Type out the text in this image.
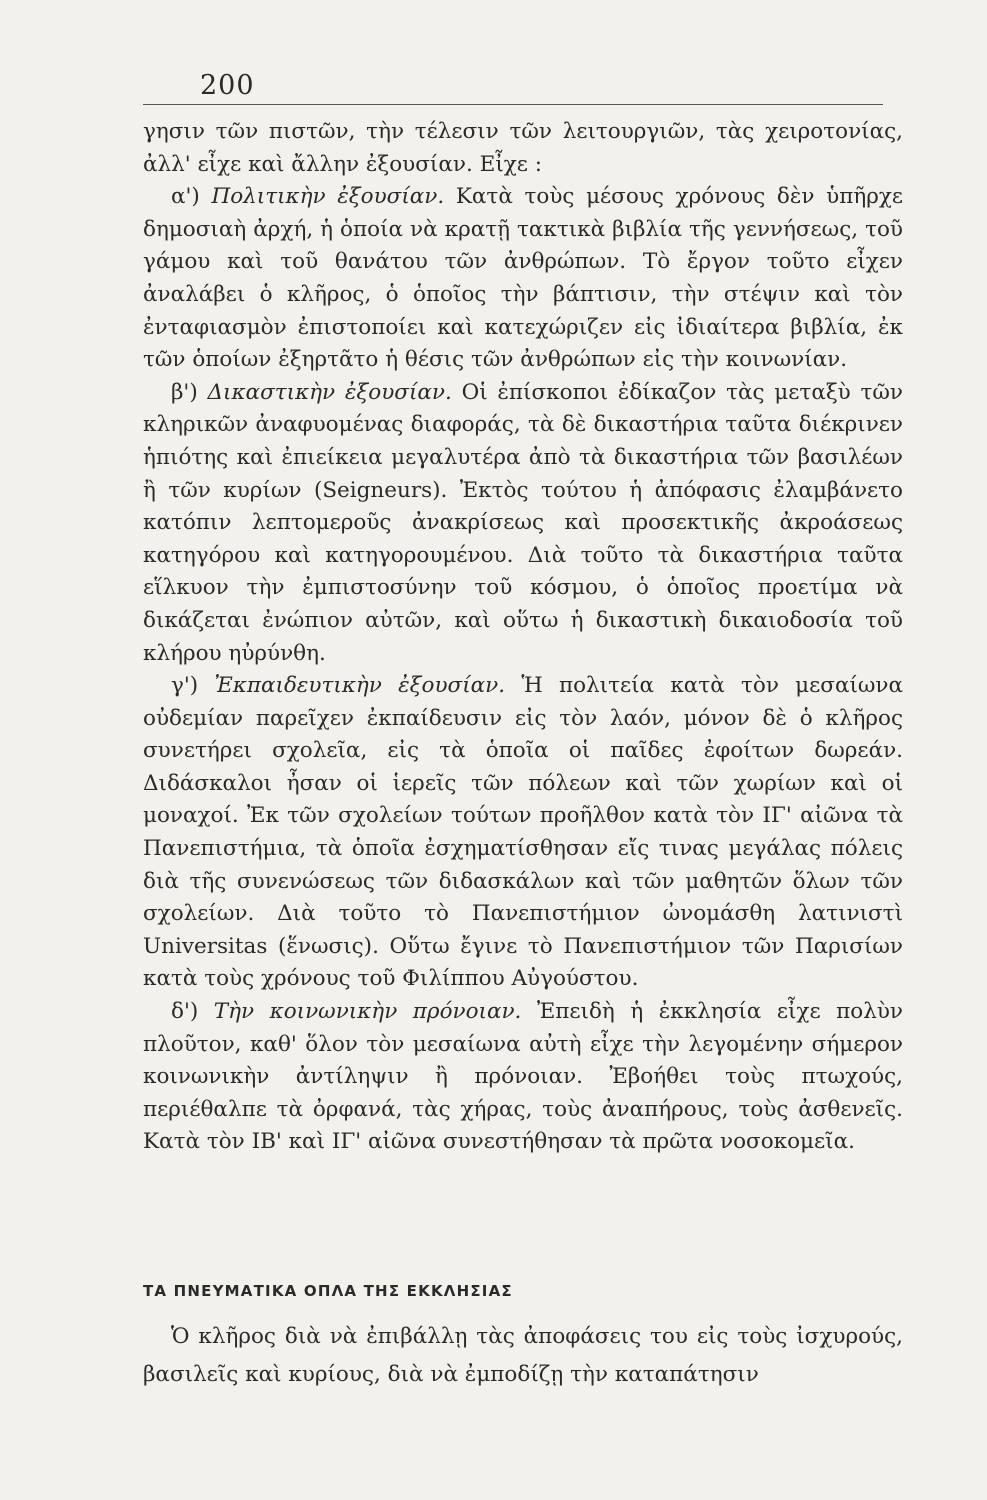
200

γησιν τῶν πιστῶν, τὴν τέλεσιν τῶν λειτουργιῶν, τὰς χειροτονίας, ἀλλ' εἶχε καὶ ἄλλην ἐξουσίαν. Εἶχε :

α') Πολιτικὴν ἐξουσίαν. Κατὰ τοὺς μέσους χρόνους δὲν ὑπῆρχε δημοσιαὴ ἀρχή, ἡ ὁποία νὰ κρατῇ τακτικὰ βιβλία τῆς γεννήσεως, τοῦ γάμου καὶ τοῦ θανάτου τῶν ἀνθρώπων. Τὸ ἔργον τοῦτο εἶχεν ἀναλάβει ὁ κλῆρος, ὁ ὁποῖος τὴν βάπτισιν, τὴν στέψιν καὶ τὸν ἐνταφιασμὸν ἐπιστοποίει καὶ κατεχώριζεν εἰς ἰδιαίτερα βιβλία, ἐκ τῶν ὁποίων ἐξηρτᾶτο ἡ θέσις τῶν ἀνθρώπων εἰς τὴν κοινωνίαν.

β') Δικαστικὴν ἐξουσίαν. Οἱ ἐπίσκοποι ἐδίκαζον τὰς μεταξὺ τῶν κληρικῶν ἀναφυομένας διαφοράς, τὰ δὲ δικαστήρια ταῦτα διέκρινεν ἡπιότης καὶ ἐπιείκεια μεγαλυτέρα ἀπὸ τὰ δικαστήρια τῶν βασιλέων ἢ τῶν κυρίων (Seigneurs). Ἐκτὸς τούτου ἡ ἀπόφασις ἐλαμβάνετο κατόπιν λεπτομεροῦς ἀνακρίσεως καὶ προσεκτικῆς ἀκροάσεως κατηγόρου καὶ κατηγορουμένου. Διὰ τοῦτο τὰ δικαστήρια ταῦτα εἵλκυον τὴν ἐμπιστοσύνην τοῦ κόσμου, ὁ ὁποῖος προετίμα νὰ δικάζεται ἐνώπιον αὐτῶν, καὶ οὕτω ἡ δικαστικὴ δικαιοδοσία τοῦ κλήρου ηὐρύνθη.

γ') Ἐκπαιδευτικὴν ἐξουσίαν. Ἡ πολιτεία κατὰ τὸν μεσαίωνα οὐδεμίαν παρεῖχεν ἐκπαίδευσιν εἰς τὸν λαόν, μόνον δὲ ὁ κλῆρος συνετήρει σχολεῖα, εἰς τὰ ὁποῖα οἱ παῖδες ἐφοίτων δωρεάν. Διδάσκαλοι ἦσαν οἱ ἱερεῖς τῶν πόλεων καὶ τῶν χωρίων καὶ οἱ μοναχοί. Ἐκ τῶν σχολείων τούτων προῆλθον κατὰ τὸν ΙΓ' αἰῶνα τὰ Πανεπιστήμια, τὰ ὁποῖα ἐσχηματίσθησαν εἴς τινας μεγάλας πόλεις διὰ τῆς συνενώσεως τῶν διδασκάλων καὶ τῶν μαθητῶν ὅλων τῶν σχολείων. Διὰ τοῦτο τὸ Πανεπιστήμιον ὠνομάσθη λατινιστὶ Universitas (ἕνωσις). Οὕτω ἔγινε τὸ Πανεπιστήμιον τῶν Παρισίων κατὰ τοὺς χρόνους τοῦ Φιλίππου Αὐγούστου.

δ') Τὴν κοινωνικὴν πρόνοιαν. Ἐπειδὴ ἡ ἐκκλησία εἶχε πολὺν πλοῦτον, καθ' ὅλον τὸν μεσαίωνα αὐτὴ εἶχε τὴν λεγομένην σήμερον κοινωνικὴν ἀντίληψιν ἢ πρόνοιαν. Ἐβοήθει τοὺς πτωχούς, περιέθαλπε τὰ ὀρφανά, τὰς χήρας, τοὺς ἀναπήρους, τοὺς ἀσθενεῖς. Κατὰ τὸν ΙΒ' καὶ ΙΓ' αἰῶνα συνεστήθησαν τὰ πρῶτα νοσοκομεῖα.

ΤΑ ΠΝΕΥΜΑΤΙΚΑ ΟΠΛΑ ΤΗΣ ΕΚΚΛΗΣΙΑΣ

Ὁ κλῆρος διὰ νὰ ἐπιβάλλῃ τὰς ἀποφάσεις του εἰς τοὺς ἰσχυρούς, βασιλεῖς καὶ κυρίους, διὰ νὰ ἐμποδίζῃ τὴν καταπάτησιν
